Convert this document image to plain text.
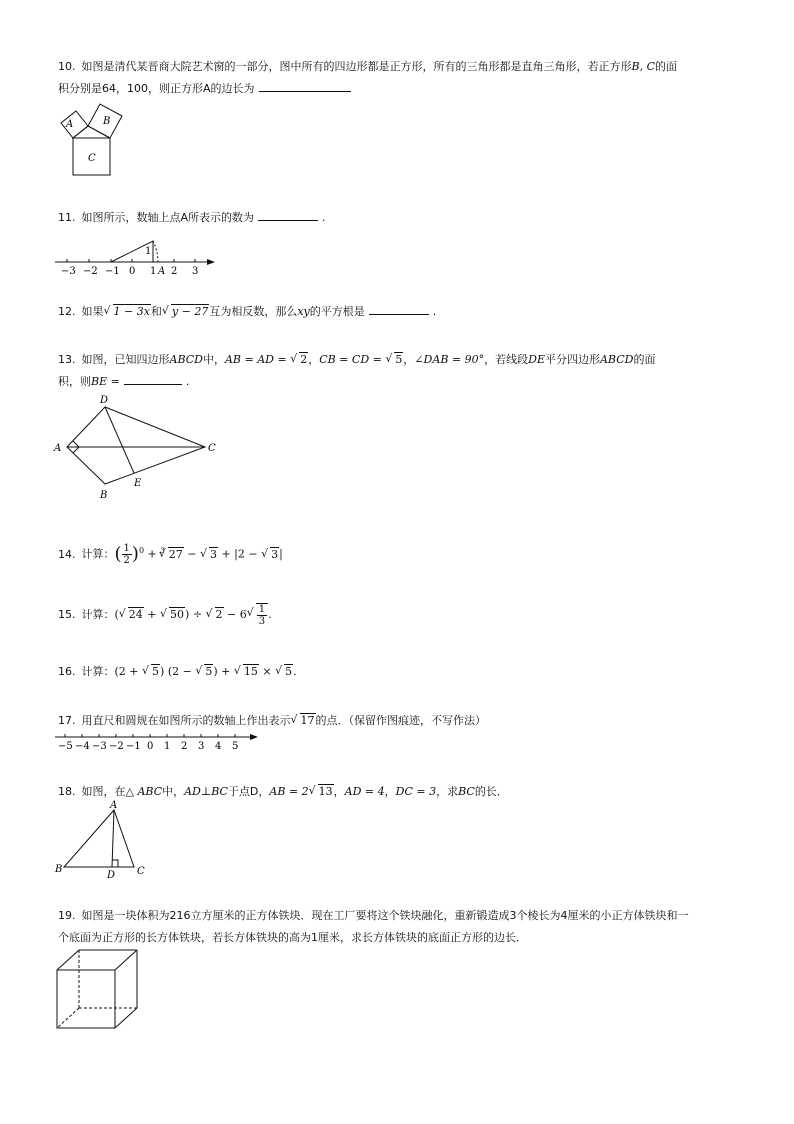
10. 如图是清代某晋商大院艺术窗的一部分，图中所有的四边形都是正方形，所有的三角形都是直角三角形，若正方形B, C的面
积分别是64，100，则正方形A的边长为
A	B
C
11. 如图所示，数轴上点A所表示的数为	.
1
−3 −2 −1 0 1 A 2 3
12. 如果√ 1 − 3x和√ y − 27互为相反数，那么xy的平方根是	.
13. 如图，已知四边形ABCD中，AB = AD = √ 2，CB = CD = √ 5，∠DAB = 90°，若线段DE平分四边形ABCD的面
积，则BE =	.
A
B
C
D
E
14. 计算：( $\frac{1}{2} )^0 + ^3√$ 27 − √ 3 + |2 − √ 3|
15. 计算：(√ 24 + √ 50) ÷ √ 2 − 6
√ $\frac{1}{3}$ .
16. 计算：(2 + √ 5) (2 − √ 5) + √ 15 × √ 5.
17. 用直尺和圆规在如图所示的数轴上作出表示√ 17的点．（保留作图痕迹，不写作法）
−5 −4 −3 −2 −1 0 1 2 3 4 5
18. 如图，在△ ABC中，AD⊥BC于点D，AB = 2√ 13，AD = 4，DC = 3，求BC的长．
A
B	C
D
19. 如图是一块体积为216立方厘米的正方体铁块．现在工厂要将这个铁块融化，重新锻造成3个棱长为4厘米的小正方体铁块和一
个底面为正方形的长方体铁块，若长方体铁块的高为1厘米，求长方体铁块的底面正方形的边长．
